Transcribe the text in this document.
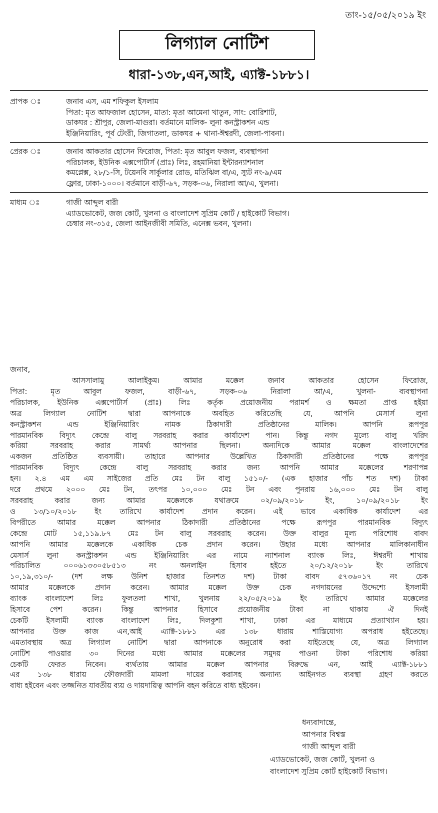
তাং-১৫/০৫/২০১৯ ইং
লিগ্যাল নোটিশ
ধারা-১৩৮,এন,আই, এ্যাক্ট-১৮৮১।
প্রাপক ঃ	জনাব এস, এম শফিকুল ইসলাম
পিতা: মৃত আফজাল হোসেন, মাতা: মৃতা আমেনা খাতুন, সাং: বোরিশাট,
ডাকঘর : শ্রীপুর, জেলা-মাগুরা। বর্তমানে মালিক- লুনা কনস্ট্রাকশন এন্ড
ইঞ্জিনিয়ারিং, পূর্ব টেংরী, জিগাতলা, ডাকঘর + থানা-ঈশ্বরদী, জেলা-পাবনা।
প্রেরক ঃ	জনাব আকতার হোসেন ফিরোজ, পিতা: মৃত আবুল ফজল, ব্যবস্থাপনা
পরিচালক, ইউনিক এক্সপোর্টার্স (প্রাঃ) লিঃ, রহমানিয়া ইন্টারন্যাশনাল
কমপ্লেক্স, ২৮/১-সি, টয়েনবি সার্কুলার রোড, মতিঝিল বা/এ, স্যুট নং-৯/এম
ফ্লোর, ঢাকা-১০০০। বর্তমানে বাড়ী-৬৭, সড়ক-০৬, নিরালা আ/এ, খুলনা।
মাধ্যম ঃ	গাজী আব্দুল বারী
এ্যাডভোকেট, জজ কোর্ট, খুলনা ও বাংলাদেশ সুপ্রিম কোর্ট / হাইকোর্ট বিভাগ।
চেম্বার নং-৩১৫, জেলা আইনজীবী সমিতি, এনেক্স ভবন, খুলনা।
জনাব,
আসসালামু আলাইকুম। আমার মক্কেল জনাব আকতার হোসেন ফিরোজ,
পিতা: মৃত আবুল ফজল, বাড়ী-৬৭, সড়ক-০৬ নিরালা আ/এ, খুলনা- ব্যবস্থাপনা
পরিচালক, ইউনিক এক্সপোর্টার্স (প্রাঃ) লিঃ কর্তৃক প্রয়োজনীয় পরামর্শ ও ক্ষমতা প্রাপ্ত হইয়া
অত্র লিগ্যাল নোটিশ দ্বারা আপনাকে অবহিত করিতেছি যে, আপনি মেসার্স লুনা
কনস্ট্রাকশন এন্ড ইঞ্জিনিয়ারিং নামক ঠিকাদারী প্রতিষ্ঠানের মালিক। আপনি রূপপুর
পারমানবিক বিদ্যুৎ কেন্দ্রে বালু সরবরাহ করার কার্যাদেশ পান। কিন্তু নগদ মূল্যে বালু খরিদ
করিয়া সরবরাহ করার সামর্থ্য আপনার ছিলনা। অন্যদিকে আমার মক্কেল বাংলাদেশের
একজন প্রতিষ্ঠিত ব্যবসায়ী। তাহারে আপনার উল্লেখিত ঠিকাদারী প্রতিষ্ঠানের পক্ষে রূপপুর
পারমানবিক বিদ্যুৎ কেন্দ্রে বালু সরবরাহ করার জন্য আপনি আমার মক্কেলের শরণাপন্ন
হন। ২.৪ এম এম সাইজের প্রতি মেঃ টন বালু ১৫১০/- (এক হাজার পাঁচ শত দশ) টাকা
দরে প্রথমে ২০০০ মেঃ টন, তৎপর ১০,০০০ মেঃ টন এবং পুনরায় ১৬,০০০ মেঃ টন বালু
সরবরাহ করার জন্য আমার মক্কেলকে যথাক্রমে ০২/০৯/২০১৮ ইং, ১০/০৯/২০১৮ ইং
ও ১৩/১০/২০১৮ ইং তারিখে কার্যাদেশ প্রদান করেন। এই ভাবে একাধিক কার্যাদেশ এর
বিপরীতে আমার মক্কেল আপনার ঠিকাদারী প্রতিষ্ঠানের পক্ষে রূপপুর পারমানবিক বিদ্যুৎ
কেন্দ্রে মোট ১৫,১১৯.৮৭ মেঃ টন বালু সরবরাহ করেন। উক্ত বালুর মূল্য পরিশোধ বাবদ
আপনি আমার মক্কেলকে একাধিক চেক প্রদান করেন। উহার মধ্যে আপনার মালিকানাধীন
মেসার্স লুনা কনস্ট্রাকশন এন্ড ইঞ্জিনিয়ারিং এর নামে ন্যাশনাল ব্যাংক লিঃ, ঈশ্বরদী শাখায়
পরিচালিত ০০০৬১৩৩০৫৮৫১৩ নং অনলাইন হিসাব হইতে ২০/১২/২০১৮ ইং তারিখে
১০,১৯,৩১০/- (দশ লক্ষ উনিশ হাজার তিনশত দশ) টাকা বাবদ ৫৭৩৬০১৭ নং চেক
আমার মক্কেলকে প্রদান করেন। আমার মক্কেল উক্ত চেক নগদায়নের উদ্দেশ্যে ইসলামী
ব্যাংক বাংলাদেশ লিঃ ফুলতলা শাখা, খুলনায় ২২/০৫/২০১৯ ইং তারিখে আমার মক্কেলের
হিসাবে পেশ করেন। কিন্তু আপনার হিসাবে প্রয়োজনীয় টাকা না থাকায় ঐ দিনই
চেকটি ইসলামী ব্যাংক বাংলাদেশ লিঃ, দিলকুশা শাখা, ঢাকা এর মাধ্যমে প্রত্যাখ্যান হয়।
আপনার উক্ত কাজ এন,আই এ্যাক্ট-১৮৮১ এর ১৩৮ ধারায় শাস্তিযোগ্য অপরাধ হইতেছে।
এমতাবস্থায় অত্র লিগ্যাল নোটিশ দ্বারা আপনাকে অনুরোধ করা যাইতেছে যে, অত্র লিগ্যাল
নোটিশ পাওয়ার ৩০ দিনের মধ্যে আমার মক্কেলের সমুদয় পাওনা টাকা পরিশোধ করিয়া
চেকটি ফেরত নিবেন। ব্যর্থতায় আমার মক্কেল আপনার বিরুদ্ধে এন, আই এ্যাক্ট-১৮৮১
এর ১৩৮ ধারায় ফৌজদারী মামলা দায়ের করাসহ অন্যান্য আইনগত ব্যবস্থা গ্রহণ করতে
বাধ্য হইবেন এবং তজ্জনিত যাবতীয় ব্যয় ও দায়দায়িত্ব আপনি বহন করিতে বাধ্য হইবেন।
ধন্যবাদান্তে,
আপনার বিশ্বস্ত
গাজী আব্দুল বারী
এ্যাডভোকেট, জজ কোর্ট, খুলনা ও
বাংলাদেশ সুপ্রিম কোর্ট হাইকোর্ট বিভাগ।
